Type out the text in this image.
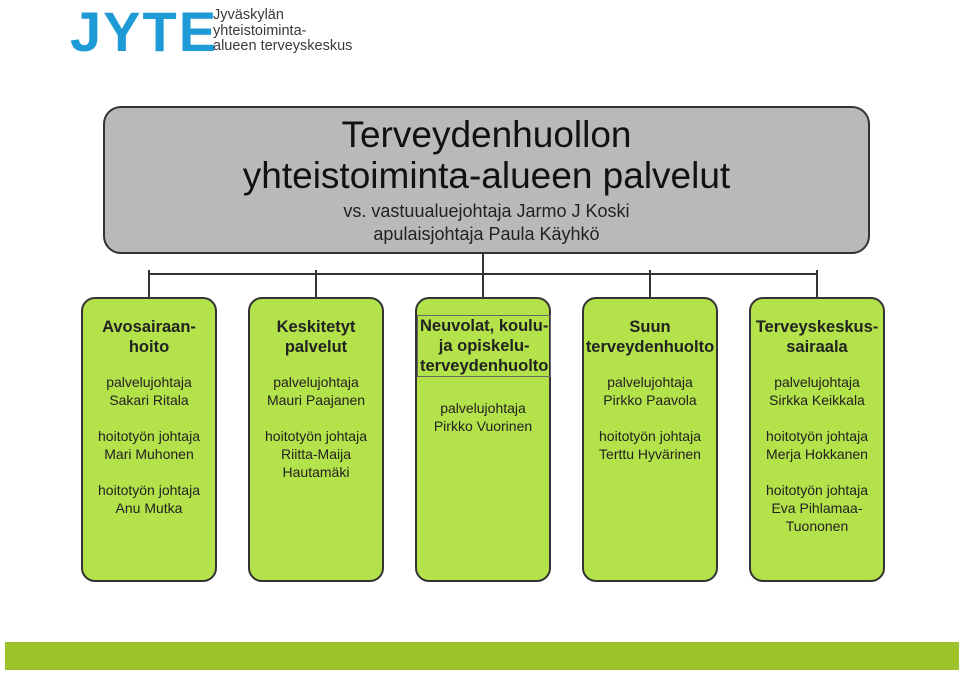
JYTE
Jyväskylän
yhteistoiminta-
alueen terveyskeskus
Terveydenhuollon
yhteistoiminta-alueen palvelut
vs. vastuualuejohtaja Jarmo J Koski
apulaisjohtaja Paula Käyhkö
Avosairaan-
hoito
palvelujohtaja
Sakari Ritala
hoitotyön johtaja
Mari Muhonen
hoitotyön johtaja
Anu Mutka
Keskitetyt
palvelut
palvelujohtaja
Mauri Paajanen
hoitotyön johtaja
Riitta-Maija
Hautamäki
Neuvolat, koulu-
ja opiskelu-
terveydenhuolto
palvelujohtaja
Pirkko Vuorinen
Suun
terveydenhuolto
palvelujohtaja
Pirkko Paavola
hoitotyön johtaja
Terttu Hyvärinen
Terveyskeskus-
sairaala
palvelujohtaja
Sirkka Keikkala
hoitotyön johtaja
Merja Hokkanen
hoitotyön johtaja
Eva Pihlamaa-
Tuononen
